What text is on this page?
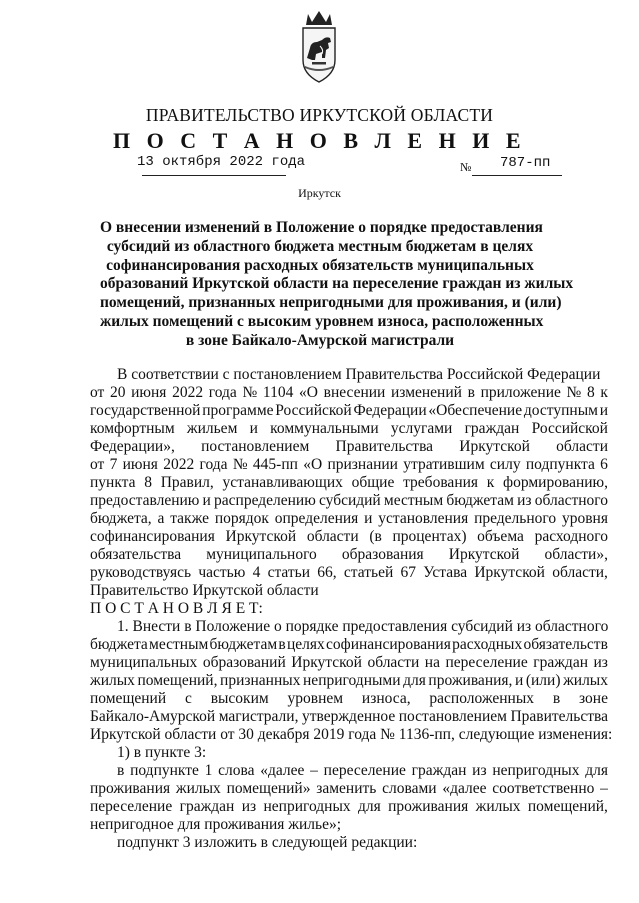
ПРАВИТЕЛЬСТВО ИРКУТСКОЙ ОБЛАСТИ
П О С Т А Н О В Л Е Н И Е
13 октября 2022 года	№ 787-пп
Иркутск
О внесении изменений в Положение о порядке предоставления
субсидий из областного бюджета местным бюджетам в целях
софинансирования расходных обязательств муниципальных
образований Иркутской области на переселение граждан из жилых
помещений, признанных непригодными для проживания, и (или)
жилых помещений с высоким уровнем износа, расположенных
в зоне Байкало-Амурской магистрали
В соответствии с постановлением Правительства Российской Федерации
от 20 июня 2022 года № 1104 «О внесении изменений в приложение № 8 к
государственной программе Российской Федерации «Обеспечение доступным и
комфортным жильем и коммунальными услугами граждан Российской
Федерации», постановлением Правительства Иркутской области
от 7 июня 2022 года № 445-пп «О признании утратившим силу подпункта 6
пункта 8 Правил, устанавливающих общие требования к формированию,
предоставлению и распределению субсидий местным бюджетам из областного
бюджета, а также порядок определения и установления предельного уровня
софинансирования Иркутской области (в процентах) объема расходного
обязательства муниципального образования Иркутской области»,
руководствуясь частью 4 статьи 66, статьей 67 Устава Иркутской области,
Правительство Иркутской области
П О С Т А Н О В Л Я Е Т:
1. Внести в Положение о порядке предоставления субсидий из областного
бюджета местным бюджетам в целях софинансирования расходных обязательств
муниципальных образований Иркутской области на переселение граждан из
жилых помещений, признанных непригодными для проживания, и (или) жилых
помещений с высоким уровнем износа, расположенных в зоне
Байкало-Амурской магистрали, утвержденное постановлением Правительства
Иркутской области от 30 декабря 2019 года № 1136-пп, следующие изменения:
1) в пункте 3:
в подпункте 1 слова «далее – переселение граждан из непригодных для
проживания жилых помещений» заменить словами «далее соответственно –
переселение граждан из непригодных для проживания жилых помещений,
непригодное для проживания жилье»;
подпункт 3 изложить в следующей редакции:
